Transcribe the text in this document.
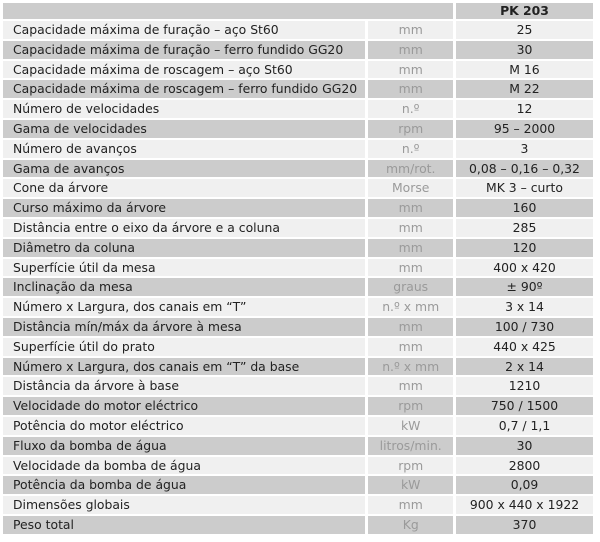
		PK 203
Capacidade máxima de furação – aço St60	mm	25
Capacidade máxima de furação – ferro fundido GG20	mm	30
Capacidade máxima de roscagem – aço St60	mm	M 16
Capacidade máxima de roscagem – ferro fundido GG20	mm	M 22
Número de velocidades	n.º	12
Gama de velocidades	rpm	95 – 2000
Número de avanços	n.º	3
Gama de avanços	mm/rot.	0,08 – 0,16 – 0,32
Cone da árvore	Morse	MK 3 – curto
Curso máximo da árvore	mm	160
Distância entre o eixo da árvore e a coluna	mm	285
Diâmetro da coluna	mm	120
Superfície útil da mesa	mm	400 x 420
Inclinação da mesa	graus	± 90º
Número x Largura, dos canais em “T”	n.º x mm	3 x 14
Distância mín/máx da árvore à mesa	mm	100 / 730
Superfície útil do prato	mm	440 x 425
Número x Largura, dos canais em “T” da base	n.º x mm	2 x 14
Distância da árvore à base	mm	1210
Velocidade do motor eléctrico	rpm	750 / 1500
Potência do motor eléctrico	kW	0,7 / 1,1
Fluxo da bomba de água	litros/min.	30
Velocidade da bomba de água	rpm	2800
Potência da bomba de água	kW	0,09
Dimensões globais	mm	900 x 440 x 1922
Peso total	Kg	370
